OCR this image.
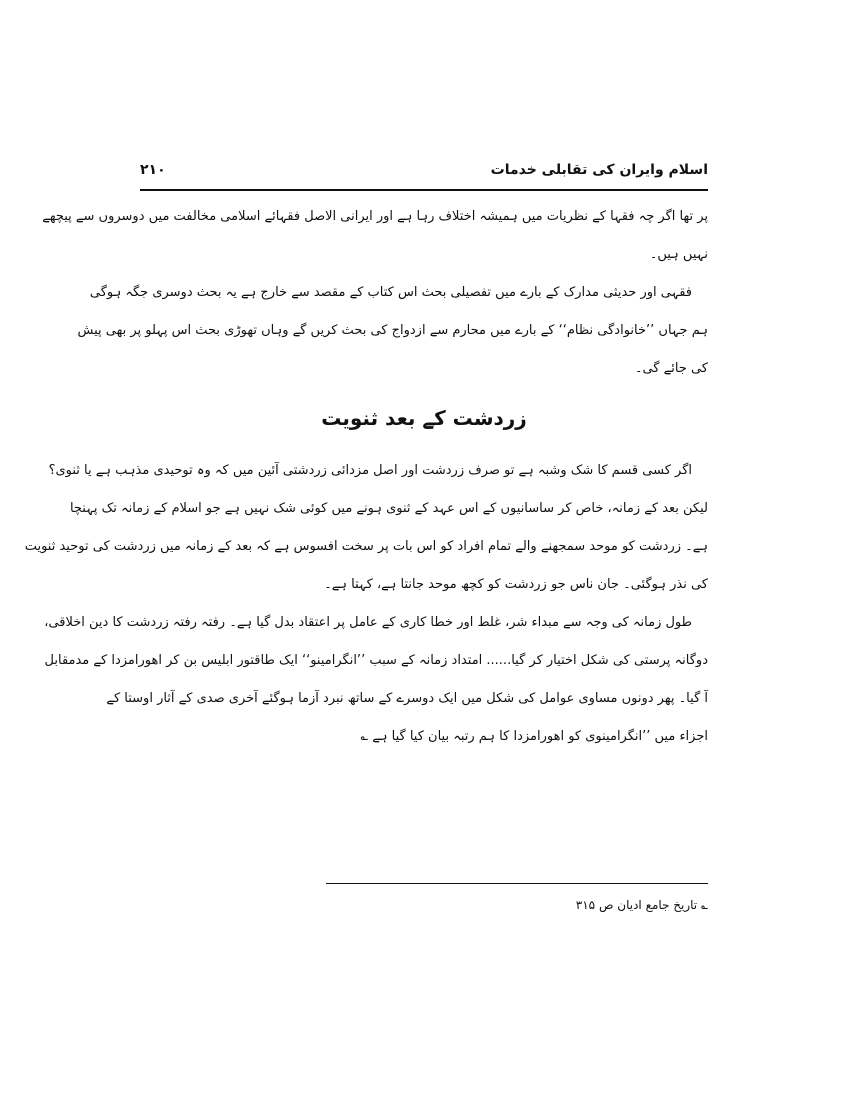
اسلام وایران کی تقابلی خدمات
۲۱۰
پر تھا اگر چہ فقہا کے نظریات میں ہمیشہ اختلاف رہا ہے اور ایرانی الاصل فقہائے اسلامی مخالفت میں دوسروں سے پیچھے
نہیں ہیں۔
فقہی اور حدیثی مدارک کے بارے میں تفصیلی بحث اس کتاب کے مقصد سے خارج ہے یہ بحث دوسری جگہ ہوگی
ہم جہاں ’’خانوادگی نظام‘‘ کے بارے میں محارم سے ازدواج کی بحث کریں گے وہاں تھوڑی بحث اس پہلو پر بھی پیش
کی جائے گی۔
زردشت کے بعد ثنویت
اگر کسی قسم کا شک وشبہ ہے تو صرف زردشت اور اصل مزدائی زردشتی آئین میں کہ وہ توحیدی مذہب ہے یا ثنوی؟
لیکن بعد کے زمانہ، خاص کر ساسانیوں کے اس عہد کے ثنوی ہونے میں کوئی شک نہیں ہے جو اسلام کے زمانہ تک پہنچا
ہے۔ زردشت کو موحد سمجھنے والے تمام افراد کو اس بات پر سخت افسوس ہے کہ بعد کے زمانہ میں زردشت کی توحید ثنویت
کی نذر ہوگئی۔ جان ناس جو زردشت کو کچھ موحد جانتا ہے، کہتا ہے۔
طول زمانہ کی وجہ سے مبداء شر، غلط اور خطا کاری کے عامل پر اعتقاد بدل گیا ہے۔ رفتہ رفتہ زردشت کا دین اخلاقی،
دوگانہ پرستی کی شکل اختیار کر گیا...... امتداد زمانہ کے سبب ’’انگرامینو‘‘ ایک طاقتور ابلیس بن کر اھورامزدا کے مدمقابل
آ گیا۔ پھر دونوں مساوی عوامل کی شکل میں ایک دوسرے کے ساتھ نبرد آزما ہوگئے آخری صدی کے آثار اوستا کے
اجزاء میں ’’انگرامینوی کو اھورامزدا کا ہم رتبہ بیان کیا گیا ہے ؎
؎ تاریخ جامع ادیان ص ۳۱۵
